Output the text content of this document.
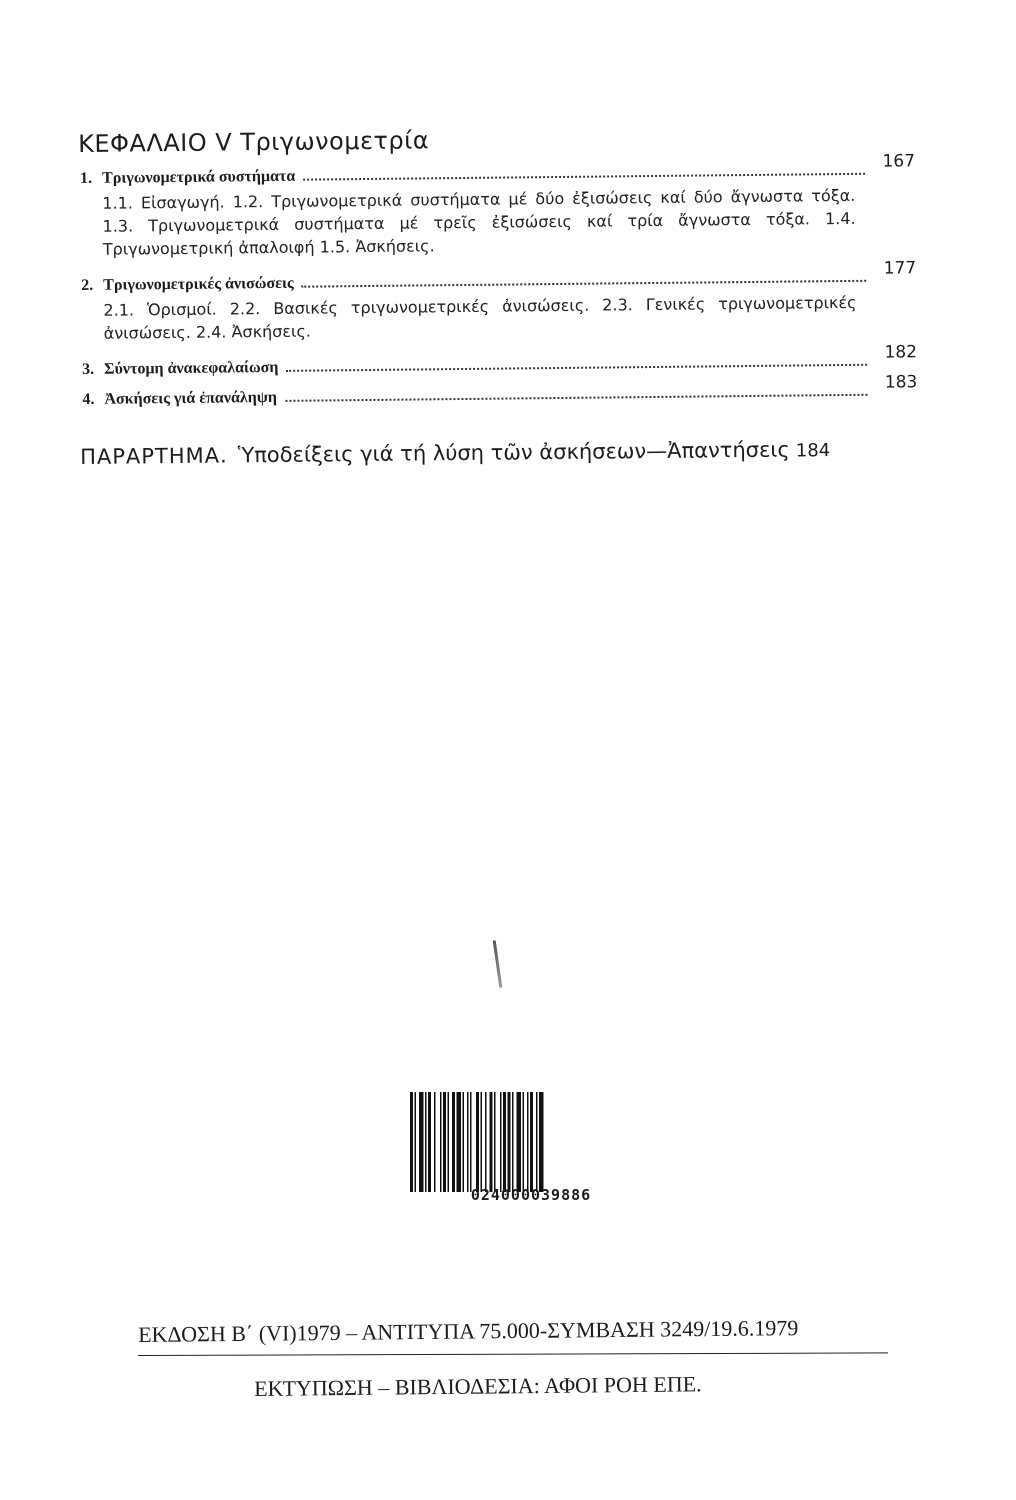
ΚΕΦΑΛΑΙΟ V Τριγωνομετρία
1. Τριγωνομετρικά συστήματα
167
1.1. Εἰσαγωγή. 1.2. Τριγωνομετρικά συστήματα μέ δύο ἐξισώσεις καί δύο ἄγνωστα τόξα. 1.3. Τριγωνομετρικά συστήματα μέ τρεῖς ἐξισώσεις καί τρία ἄγνωστα τόξα. 1.4. Τριγωνομετρική ἀπαλοιφή 1.5. Ἀσκήσεις.
2. Τριγωνομετρικές ἀνισώσεις
177
2.1. Ὁρισμοί. 2.2. Βασικές τριγωνομετρικές ἀνισώσεις. 2.3. Γενικές τριγωνομετρικές ἀνισώσεις. 2.4. Ἀσκήσεις.
3. Σύντομη ἀνακεφαλαίωση
182
4. Ἀσκήσεις γιά ἐπανάληψη
183
ΠΑΡΑΡΤΗΜΑ. Ὑποδείξεις γιά τή λύση τῶν ἀσκήσεων—Ἀπαντήσεις 184
024000039886
ΕΚΔΟΣΗ Β΄ (VI)1979 – ΑΝΤΙΤΥΠΑ 75.000-ΣΥΜΒΑΣΗ 3249/19.6.1979
ΕΚΤΥΠΩΣΗ – ΒΙΒΛΙΟΔΕΣΙΑ: ΑΦΟΙ ΡΟΗ ΕΠΕ.
